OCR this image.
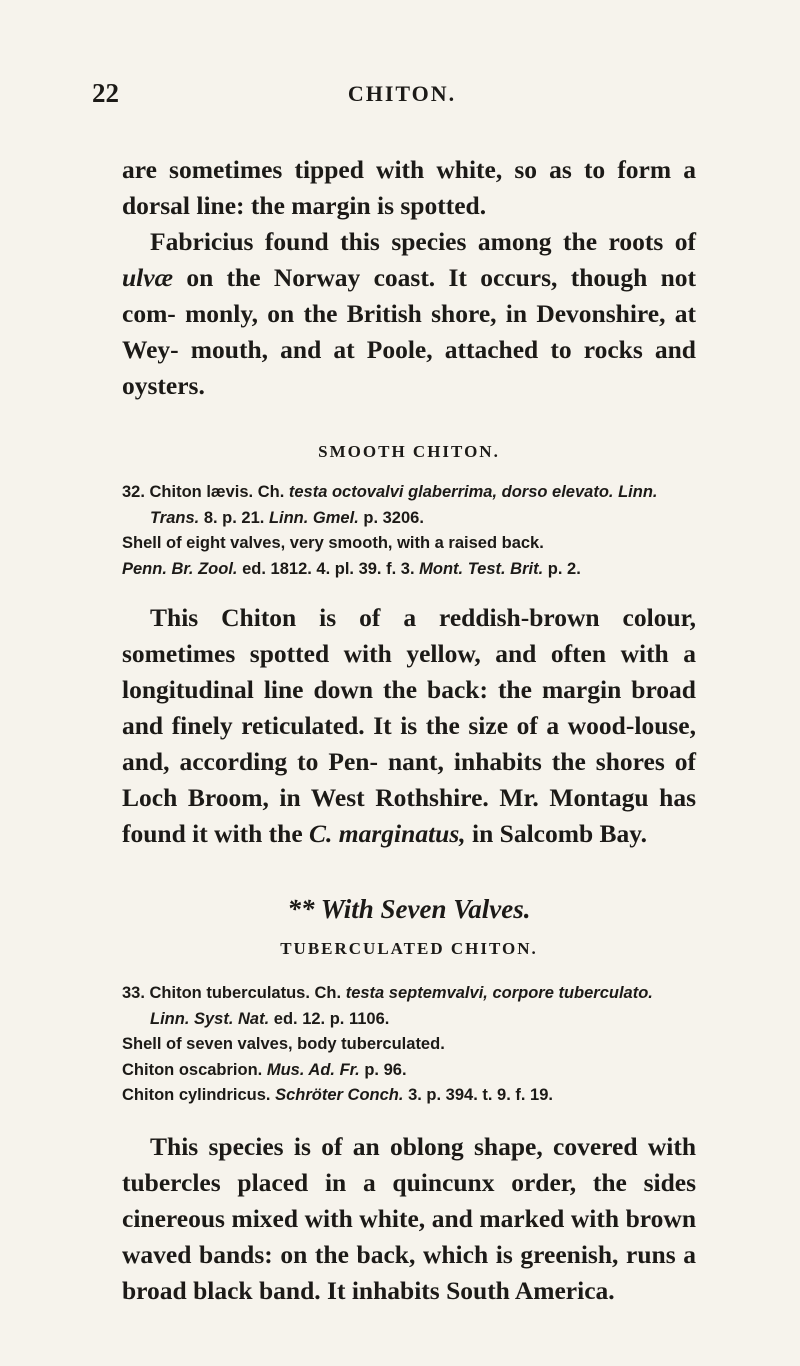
22	CHITON.

are sometimes tipped with white, so as to form a dorsal line: the margin is spotted.

Fabricius found this species among the roots of ulvæ on the Norway coast. It occurs, though not com- monly, on the British shore, in Devonshire, at Wey- mouth, and at Poole, attached to rocks and oysters.

SMOOTH CHITON.

32. Chiton lævis. Ch. testa octovalvi glaberrima, dorso elevato. Linn.
Trans. 8. p. 21. Linn. Gmel. p. 3206.
Shell of eight valves, very smooth, with a raised back.
Penn. Br. Zool. ed. 1812. 4. pl. 39. f. 3. Mont. Test. Brit. p. 2.

This Chiton is of a reddish-brown colour, sometimes spotted with yellow, and often with a longitudinal line down the back: the margin broad and finely reticulated. It is the size of a wood-louse, and, according to Pen- nant, inhabits the shores of Loch Broom, in West Rothshire. Mr. Montagu has found it with the C. marginatus, in Salcomb Bay.

** With Seven Valves.

TUBERCULATED CHITON.

33. Chiton tuberculatus. Ch. testa septemvalvi, corpore tuberculato.
Linn. Syst. Nat. ed. 12. p. 1106.
Shell of seven valves, body tuberculated.
Chiton oscabrion. Mus. Ad. Fr. p. 96.
Chiton cylindricus. Schröter Conch. 3. p. 394. t. 9. f. 19.

This species is of an oblong shape, covered with tubercles placed in a quincunx order, the sides cinereous mixed with white, and marked with brown waved bands: on the back, which is greenish, runs a broad black band. It inhabits South America.
